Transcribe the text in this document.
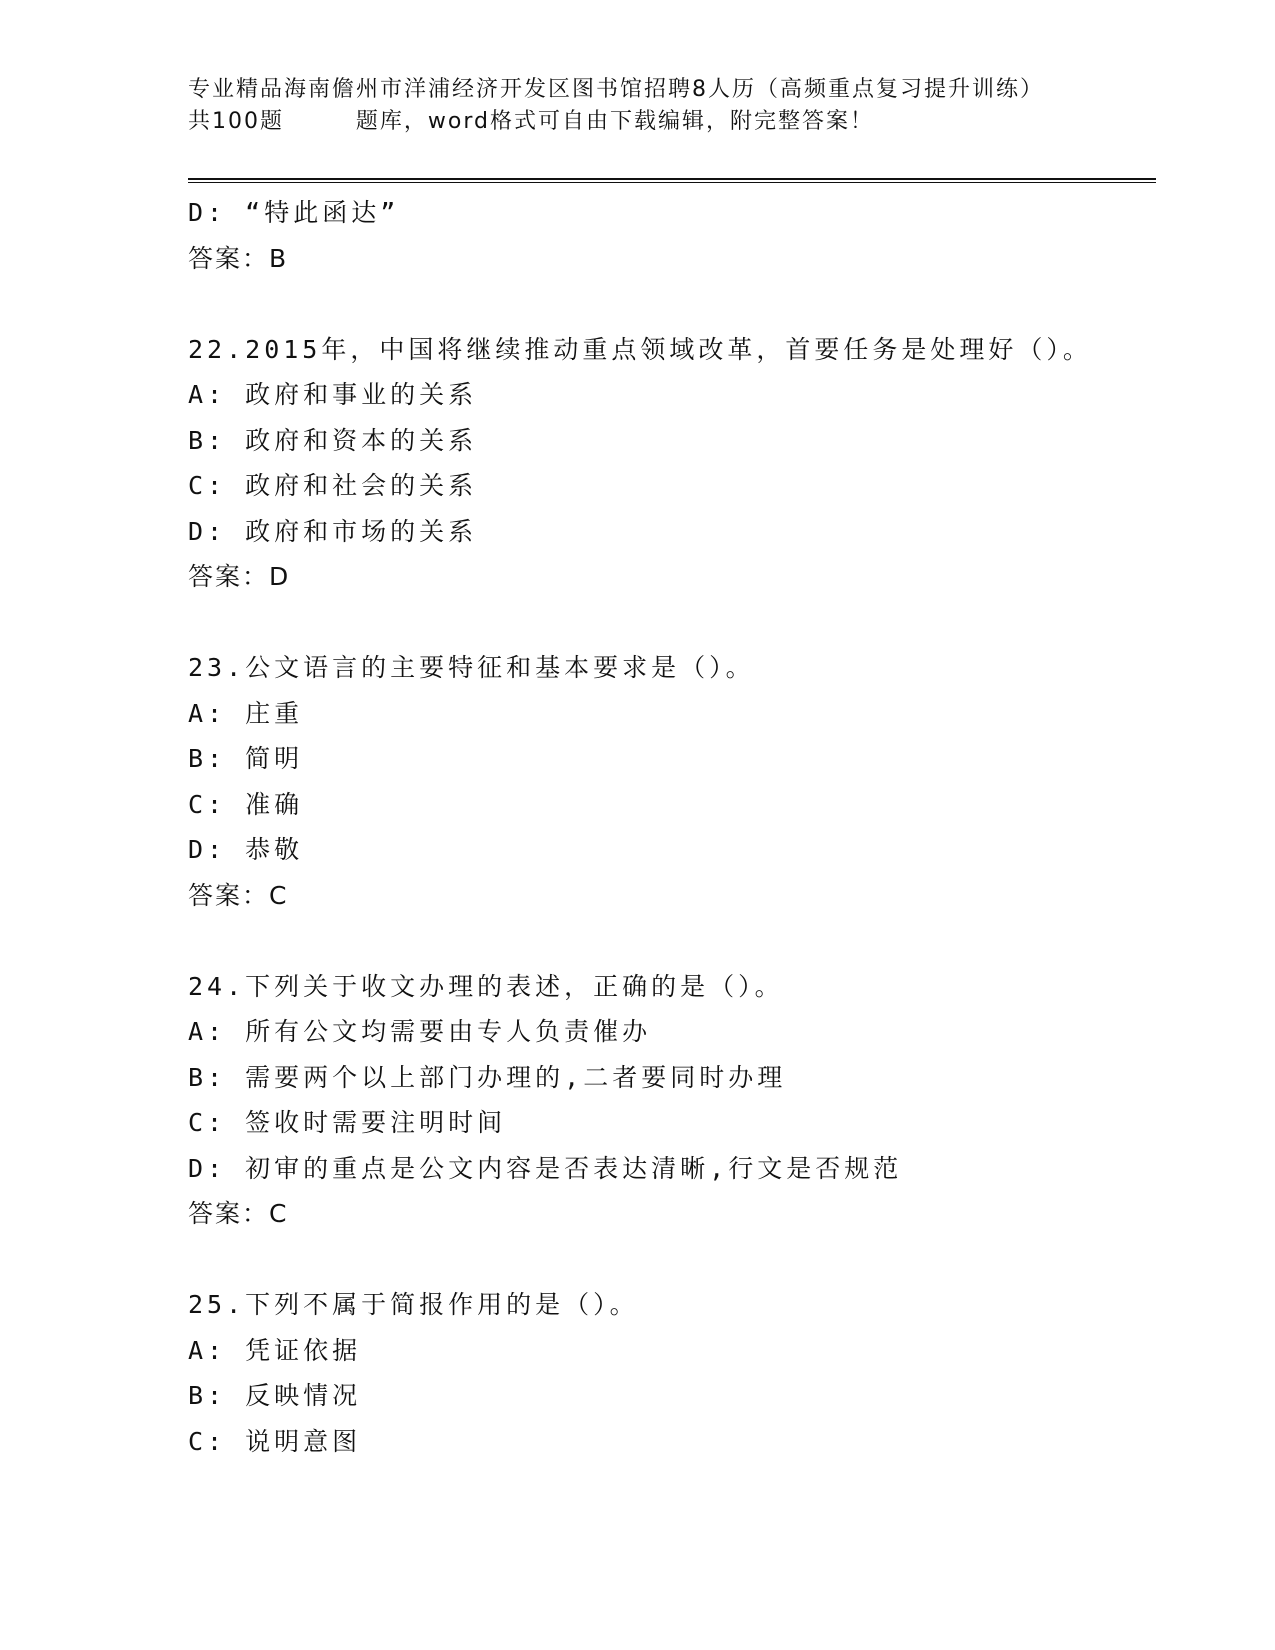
专业精品海南儋州市洋浦经济开发区图书馆招聘8人历（高频重点复习提升训练）
共100题        题库，word格式可自由下载编辑，附完整答案！
D: “特此函达”
答案：B
22.2015年，中国将继续推动重点领域改革，首要任务是处理好（）。
A: 政府和事业的关系
B: 政府和资本的关系
C: 政府和社会的关系
D: 政府和市场的关系
答案：D
23.公文语言的主要特征和基本要求是（）。
A: 庄重
B: 简明
C: 准确
D: 恭敬
答案：C
24.下列关于收文办理的表述，正确的是（）。
A: 所有公文均需要由专人负责催办
B: 需要两个以上部门办理的,二者要同时办理
C: 签收时需要注明时间
D: 初审的重点是公文内容是否表达清晰,行文是否规范
答案：C
25.下列不属于简报作用的是（）。
A: 凭证依据
B: 反映情况
C: 说明意图
